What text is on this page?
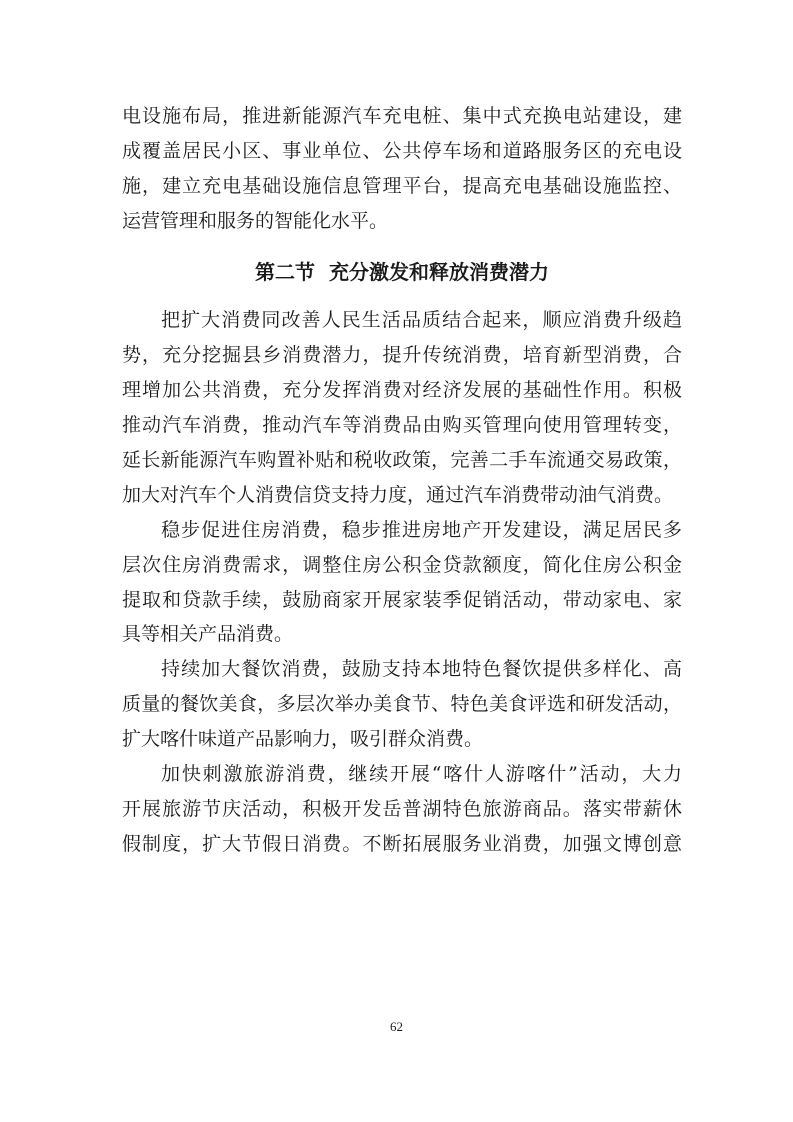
电设施布局，推进新能源汽车充电桩、集中式充换电站建设，建
成覆盖居民小区、事业单位、公共停车场和道路服务区的充电设
施，建立充电基础设施信息管理平台，提高充电基础设施监控、
运营管理和服务的智能化水平。
第二节  充分激发和释放消费潜力
把扩大消费同改善人民生活品质结合起来，顺应消费升级趋
势，充分挖掘县乡消费潜力，提升传统消费，培育新型消费，合
理增加公共消费，充分发挥消费对经济发展的基础性作用。积极
推动汽车消费，推动汽车等消费品由购买管理向使用管理转变，
延长新能源汽车购置补贴和税收政策，完善二手车流通交易政策，
加大对汽车个人消费信贷支持力度，通过汽车消费带动油气消费。
稳步促进住房消费，稳步推进房地产开发建设，满足居民多
层次住房消费需求，调整住房公积金贷款额度，简化住房公积金
提取和贷款手续，鼓励商家开展家装季促销活动，带动家电、家
具等相关产品消费。
持续加大餐饮消费，鼓励支持本地特色餐饮提供多样化、高
质量的餐饮美食，多层次举办美食节、特色美食评选和研发活动，
扩大喀什味道产品影响力，吸引群众消费。
加快刺激旅游消费，继续开展“喀什人游喀什”活动，大力
开展旅游节庆活动，积极开发岳普湖特色旅游商品。落实带薪休
假制度，扩大节假日消费。不断拓展服务业消费，加强文博创意
62
